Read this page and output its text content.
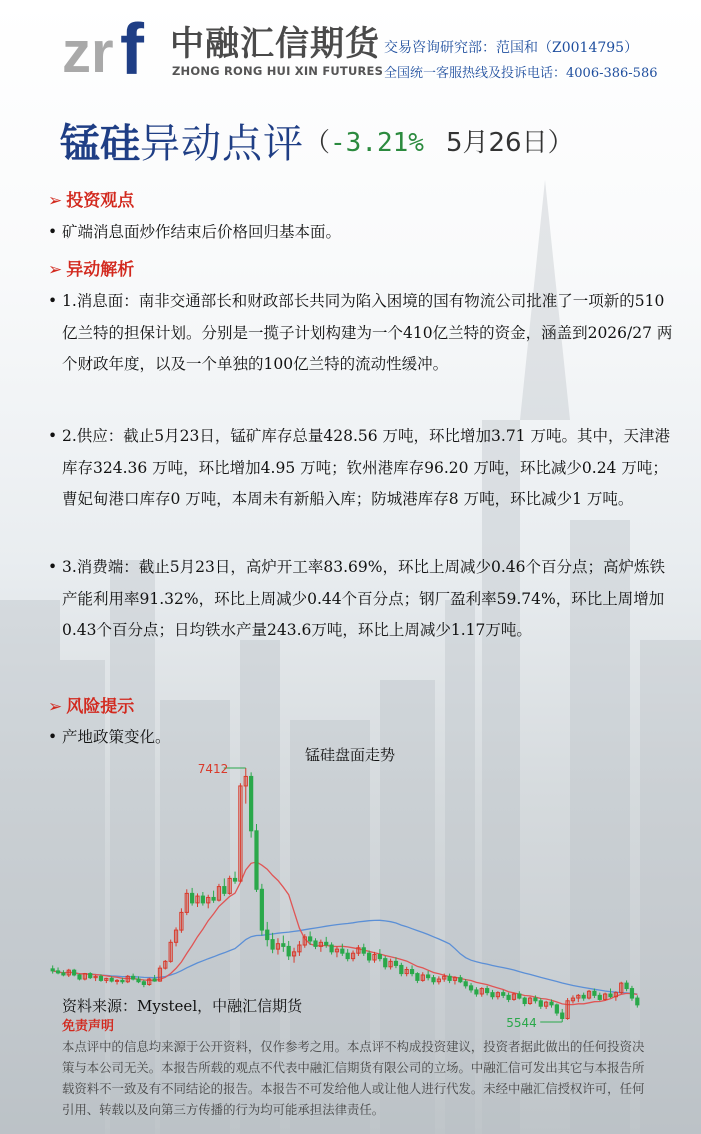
zr f 中融汇信期货
ZHONG RONG HUI XIN FUTURES
交易咨询研究部：范国和（Z0014795）
全国统一客服热线及投诉电话：4006-386-586
锰硅异动点评（-3.21% 5月26日）
➢ 投资观点
• 矿端消息面炒作结束后价格回归基本面。
➢ 异动解析
• 1.消息面：南非交通部长和财政部长共同为陷入困境的国有物流公司批准了一项新的510亿兰特的担保计划。分别是一揽子计划构建为一个410亿兰特的资金，涵盖到2026/27 两个财政年度，以及一个单独的100亿兰特的流动性缓冲。
• 2.供应：截止5月23日，锰矿库存总量428.56 万吨，环比增加3.71 万吨。其中，天津港库存324.36 万吨，环比增加4.95 万吨；钦州港库存96.20 万吨，环比减少0.24 万吨；曹妃甸港口库存0 万吨，本周未有新船入库；防城港库存8 万吨，环比减少1 万吨。
• 3.消费端：截止5月23日，高炉开工率83.69%，环比上周减少0.46个百分点；高炉炼铁产能利用率91.32%，环比上周减少0.44个百分点；钢厂盈利率59.74%，环比上周增加0.43个百分点；日均铁水产量243.6万吨，环比上周减少1.17万吨。
➢ 风险提示
• 产地政策变化。
锰硅盘面走势
7412
5544
资料来源：Mysteel，中融汇信期货
免责声明
本点评中的信息均来源于公开资料，仅作参考之用。本点评不构成投资建议，投资者据此做出的任何投资决策与本公司无关。本报告所载的观点不代表中融汇信期货有限公司的立场。中融汇信可发出其它与本报告所载资料不一致及有不同结论的报告。本报告不可发给他人或让他人进行代发。未经中融汇信授权许可，任何引用、转载以及向第三方传播的行为均可能承担法律责任。
